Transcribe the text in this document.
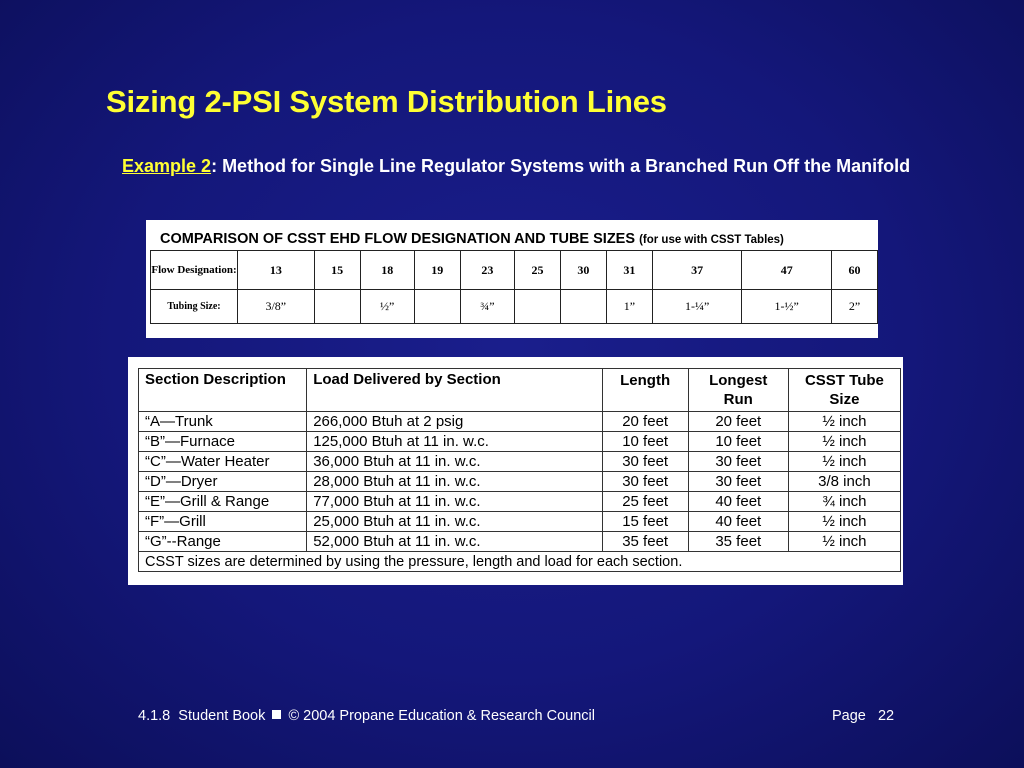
Sizing 2-PSI System Distribution Lines
Example 2: Method for Single Line Regulator Systems with a Branched Run Off the Manifold
COMPARISON OF CSST EHD FLOW DESIGNATION AND TUBE SIZES (for use with CSST Tables)
Flow Designation:	13	15	18	19	23	25	30	31	37	47	60
Tubing Size:	3/8”		½”		¾”			1”	1-¼”	1-½”	2”
Section Description	Load Delivered by Section	Length	Longest Run	CSST Tube Size
“A—Trunk	266,000 Btuh at 2 psig	20 feet	20 feet	½ inch
“B”—Furnace	125,000 Btuh at 11 in. w.c.	10 feet	10 feet	½ inch
“C”—Water Heater	36,000 Btuh at 11 in. w.c.	30 feet	30 feet	½ inch
“D”—Dryer	28,000 Btuh at 11 in. w.c.	30 feet	30 feet	3/8 inch
“E”—Grill & Range	77,000 Btuh at 11 in. w.c.	25 feet	40 feet	¾ inch
“F”—Grill	25,000 Btuh at 11 in. w.c.	15 feet	40 feet	½ inch
“G”--Range	52,000 Btuh at 11 in. w.c.	35 feet	35 feet	½ inch
CSST sizes are determined by using the pressure, length and load for each section.				
4.1.8  Student Book © 2004 Propane Education & Research Council	Page   22
